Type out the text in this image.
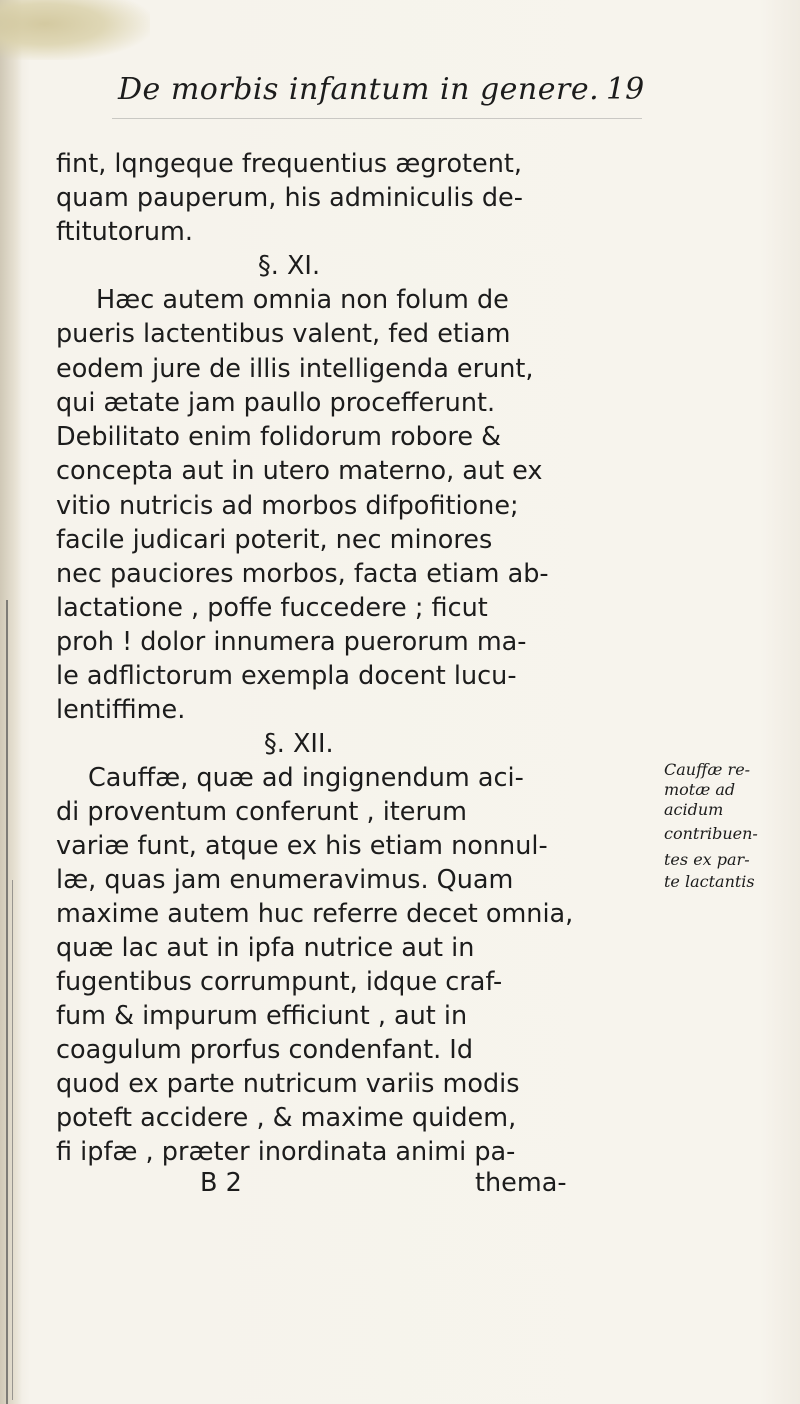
De morbis infantum in genere. 19
fint, lqngeque frequentius ægrotent,
quam pauperum, his adminiculis de-
ftitutorum.
§. XI.
Hæc autem omnia non folum de
pueris lactentibus valent, fed etiam
eodem jure de illis intelligenda erunt,
qui ætate jam paullo procefferunt.
Debilitato enim folidorum robore &
concepta aut in utero materno, aut ex
vitio nutricis ad morbos difpofitione;
facile judicari poterit, nec minores
nec pauciores morbos, facta etiam ab-
lactatione , poffe fuccedere ; ficut
proh ! dolor innumera puerorum ma-
le adflictorum exempla docent lucu-
lentiffime.
§. XII.
Cauffæ, quæ ad ingignendum aci-
di proventum conferunt , iterum
variæ funt, atque ex his etiam nonnul-
læ, quas jam enumeravimus. Quam
maxime autem huc referre decet omnia,
quæ lac aut in ipfa nutrice aut in
fugentibus corrumpunt, idque craf-
fum & impurum efficiunt , aut in
coagulum prorfus condenfant. Id
quod ex parte nutricum variis modis
poteft accidere , & maxime quidem,
fi ipfæ , præter inordinata animi pa-
Cauffæ re-
motæ ad
acidum
contribuen-
tes ex par-
te lactantis
B 2	thema-
